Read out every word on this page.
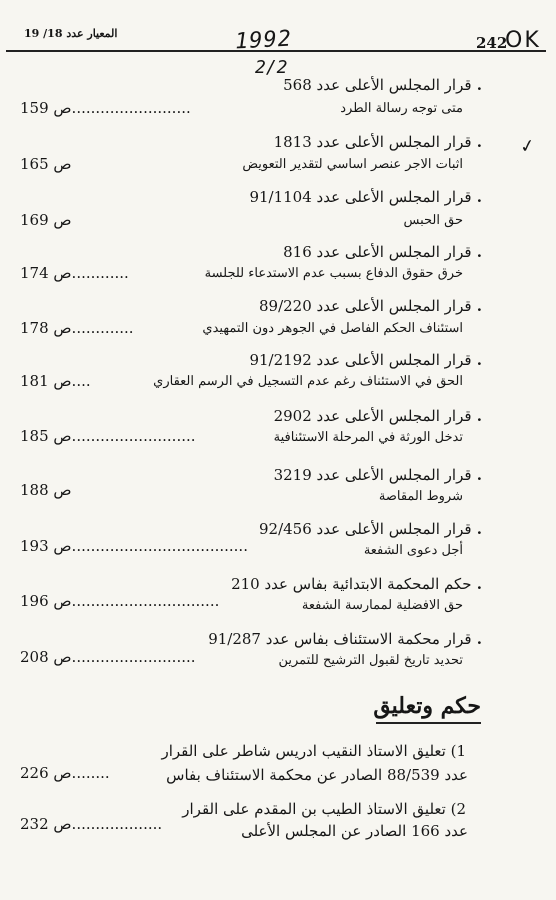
المعيار عدد 18/ 19	1992	242
OK
2/2
✓
. قرار المجلس الأعلى عدد 568
متى توجه رسالة الطرد
ص 159.........................
. قرار المجلس الأعلى عدد 1813
اثبات الاجر عنصر اساسي لتقدير التعويض
ص 165
. قرار المجلس الأعلى عدد 91/1104
حق الحبس
ص 169
. قرار المجلس الأعلى عدد 816
خرق حقوق الدفاع بسبب عدم الاستدعاء للجلسة
ص 174............
. قرار المجلس الأعلى عدد 89/220
استئناف الحكم الفاصل في الجوهر دون التمهيدي
ص 178.............
. قرار المجلس الأعلى عدد 91/2192
الحق في الاستئناف رغم عدم التسجيل في الرسم العقاري
ص 181....
. قرار المجلس الأعلى عدد 2902
تدخل الورثة في المرحلة الاستئنافية
ص 185..........................
. قرار المجلس الأعلى عدد 3219
شروط المقاصة
ص 188
. قرار المجلس الأعلى عدد 92/456
أجل دعوى الشفعة
ص 193.....................................
. حكم المحكمة الابتدائية بفاس عدد 210
حق الافضلية لممارسة الشفعة
ص 196...............................
. قرار محكمة الاستئناف بفاس عدد 91/287
تحديد تاريخ لقبول الترشيح للتمرين
ص 208..........................
حكم وتعليق
1) تعليق الاستاذ النقيب ادريس شاطر على القرار
عدد 88/539 الصادر عن محكمة الاستئناف بفاس
ص 226........
2) تعليق الاستاذ الطيب بن المقدم على القرار
عدد 166 الصادر عن المجلس الأعلى
ص 232...................
